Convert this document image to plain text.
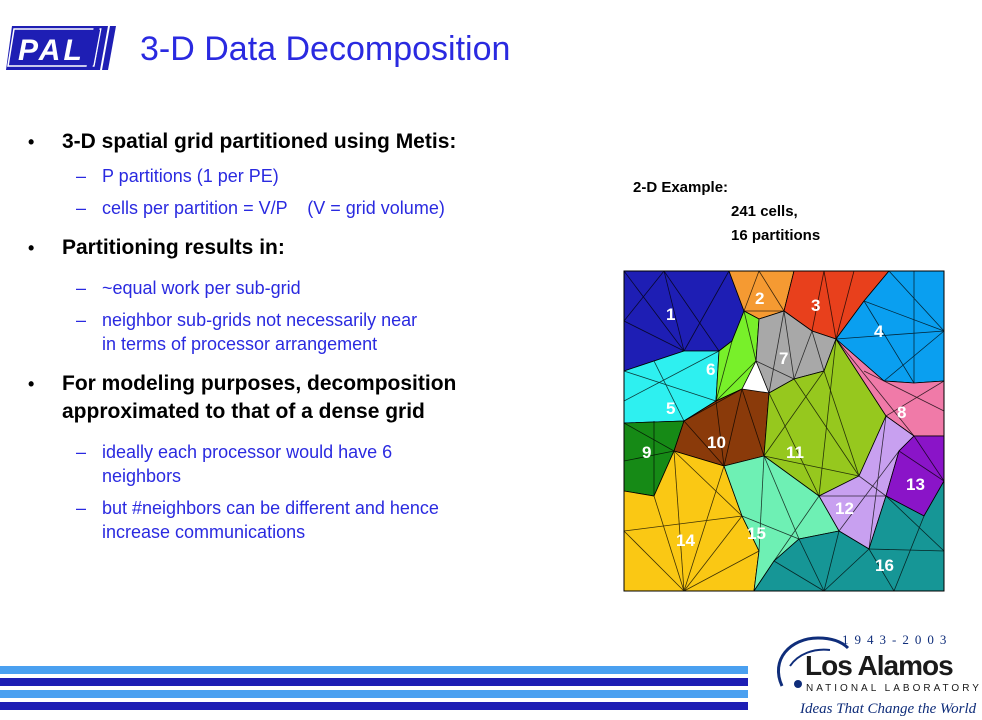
PAL 3-D Data Decomposition
•	3-D spatial grid partitioned using Metis:
– P partitions (1 per PE)
– cells per partition = V/P    (V = grid volume)
•	Partitioning results in:
– ~equal work per sub-grid
– neighbor sub-grids not necessarily near
in terms of processor arrangement
•	For modeling purposes, decomposition
approximated to that of a dense grid
– ideally each processor would have 6
neighbors
– but #neighbors can be different and hence
increase communications
2-D Example:
241 cells,
16 partitions
1
2	3
4
5
6
7
8
9
10
11
12
13
14	15
16
1943-2003
Los Alamos
NATIONAL LABORATORY
Ideas That Change the World
